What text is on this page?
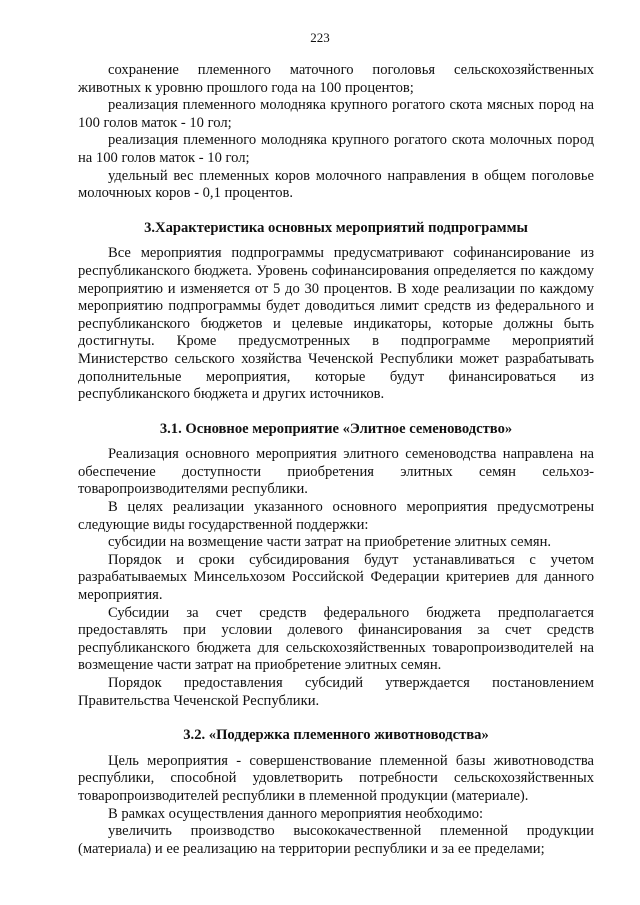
223

сохранение племенного маточного поголовья сельскохозяйственных животных к уровню прошлого года на 100 процентов;

реализация племенного молодняка крупного рогатого скота мясных пород на 100 голов маток - 10 гол;

реализация племенного молодняка крупного рогатого скота молочных пород на 100 голов маток - 10 гол;

удельный вес племенных коров молочного направления в общем поголовье молочнюых коров - 0,1 процентов.

3.Характеристика основных мероприятий подпрограммы

Все мероприятия подпрограммы предусматривают софинансирование из республиканского бюджета. Уровень софинансирования определяется по каждому мероприятию и изменяется от 5 до 30 процентов. В ходе реализации по каждому мероприятию подпрограммы будет доводиться лимит средств из федерального и республиканского бюджетов и целевые индикаторы, которые должны быть достигнуты. Кроме предусмотренных в подпрограмме мероприятий Министерство сельского хозяйства Чеченской Республики может разрабатывать дополнительные мероприятия, которые будут финансироваться из республиканского бюджета и других источников.

3.1. Основное мероприятие «Элитное семеноводство»

Реализация основного мероприятия элитного семеноводства направлена на обеспечение доступности приобретения элитных семян сельхоз-товаропроизводителями республики.

В целях реализации указанного основного мероприятия предусмотрены следующие виды государственной поддержки:

субсидии на возмещение части затрат на приобретение элитных семян.

Порядок и сроки субсидирования будут устанавливаться с учетом разрабатываемых Минсельхозом Российской Федерации критериев для данного мероприятия.

Субсидии за счет средств федерального бюджета предполагается предоставлять при условии долевого финансирования за счет средств республиканского бюджета для сельскохозяйственных товаропроизводителей на возмещение части затрат на приобретение элитных семян.

Порядок предоставления субсидий утверждается постановлением Правительства Чеченской Республики.

3.2. «Поддержка племенного животноводства»

Цель мероприятия - совершенствование племенной базы животноводства республики, способной удовлетворить потребности сельскохозяйственных товаропроизводителей республики в племенной продукции (материале).

В рамках осуществления данного мероприятия необходимо:

увеличить производство высококачественной племенной продукции (материала) и ее реализацию на территории республики и за ее пределами;
